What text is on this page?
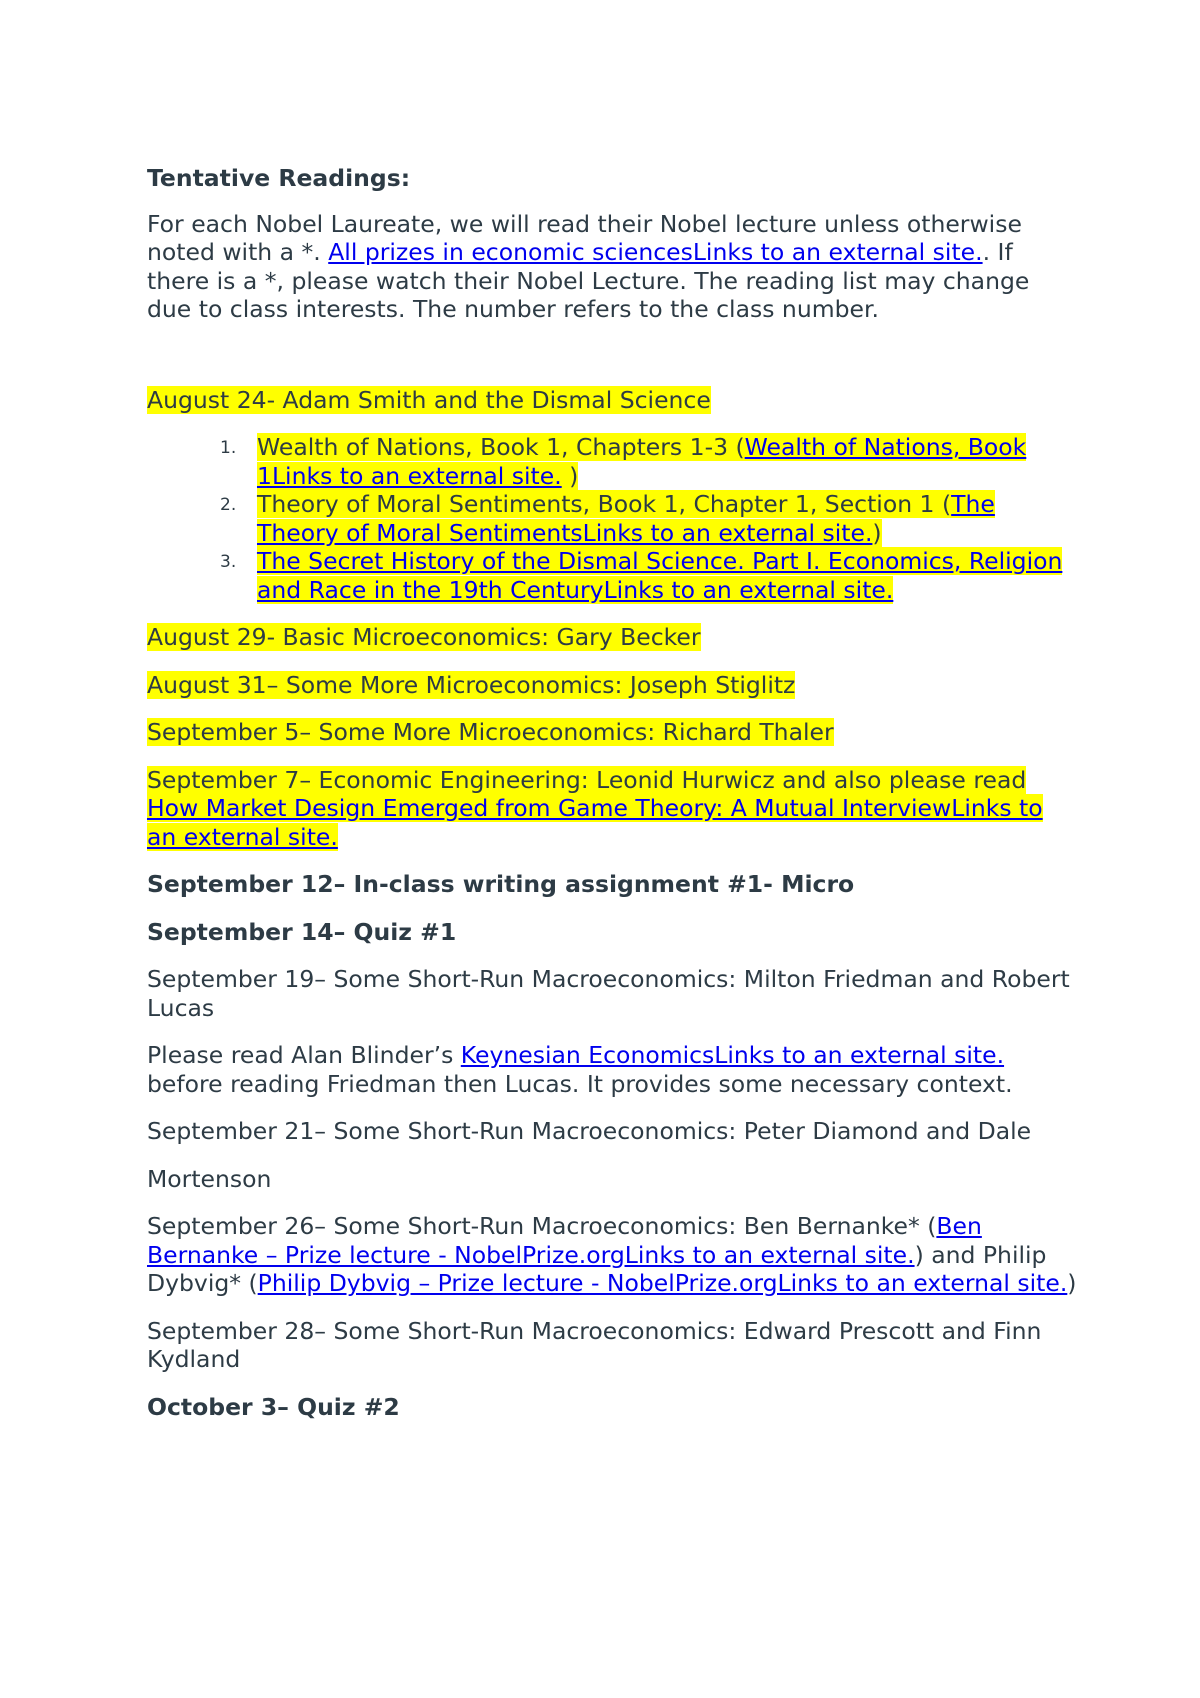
Tentative Readings:

For each Nobel Laureate, we will read their Nobel lecture unless otherwise noted with a *. All prizes in economic sciencesLinks to an external site.. If there is a *, please watch their Nobel Lecture. The reading list may change due to class interests. The number refers to the class number.

August 24- Adam Smith and the Dismal Science

1. Wealth of Nations, Book 1, Chapters 1-3 (Wealth of Nations, Book 1Links to an external site. )
2. Theory of Moral Sentiments, Book 1, Chapter 1, Section 1 (The Theory of Moral SentimentsLinks to an external site.)
3. The Secret History of the Dismal Science. Part I. Economics, Religion and Race in the 19th CenturyLinks to an external site.

August 29- Basic Microeconomics: Gary Becker

August 31– Some More Microeconomics: Joseph Stiglitz

September 5– Some More Microeconomics: Richard Thaler

September 7– Economic Engineering: Leonid Hurwicz and also please read How Market Design Emerged from Game Theory: A Mutual InterviewLinks to an external site.

September 12– In-class writing assignment #1- Micro

September 14– Quiz #1

September 19– Some Short-Run Macroeconomics: Milton Friedman and Robert Lucas

Please read Alan Blinder’s Keynesian EconomicsLinks to an external site. before reading Friedman then Lucas. It provides some necessary context.

September 21– Some Short-Run Macroeconomics: Peter Diamond and Dale

Mortenson

September 26– Some Short-Run Macroeconomics: Ben Bernanke* (Ben Bernanke – Prize lecture - NobelPrize.orgLinks to an external site.) and Philip Dybvig* (Philip Dybvig – Prize lecture - NobelPrize.orgLinks to an external site.)

September 28– Some Short-Run Macroeconomics: Edward Prescott and Finn Kydland

October 3– Quiz #2
